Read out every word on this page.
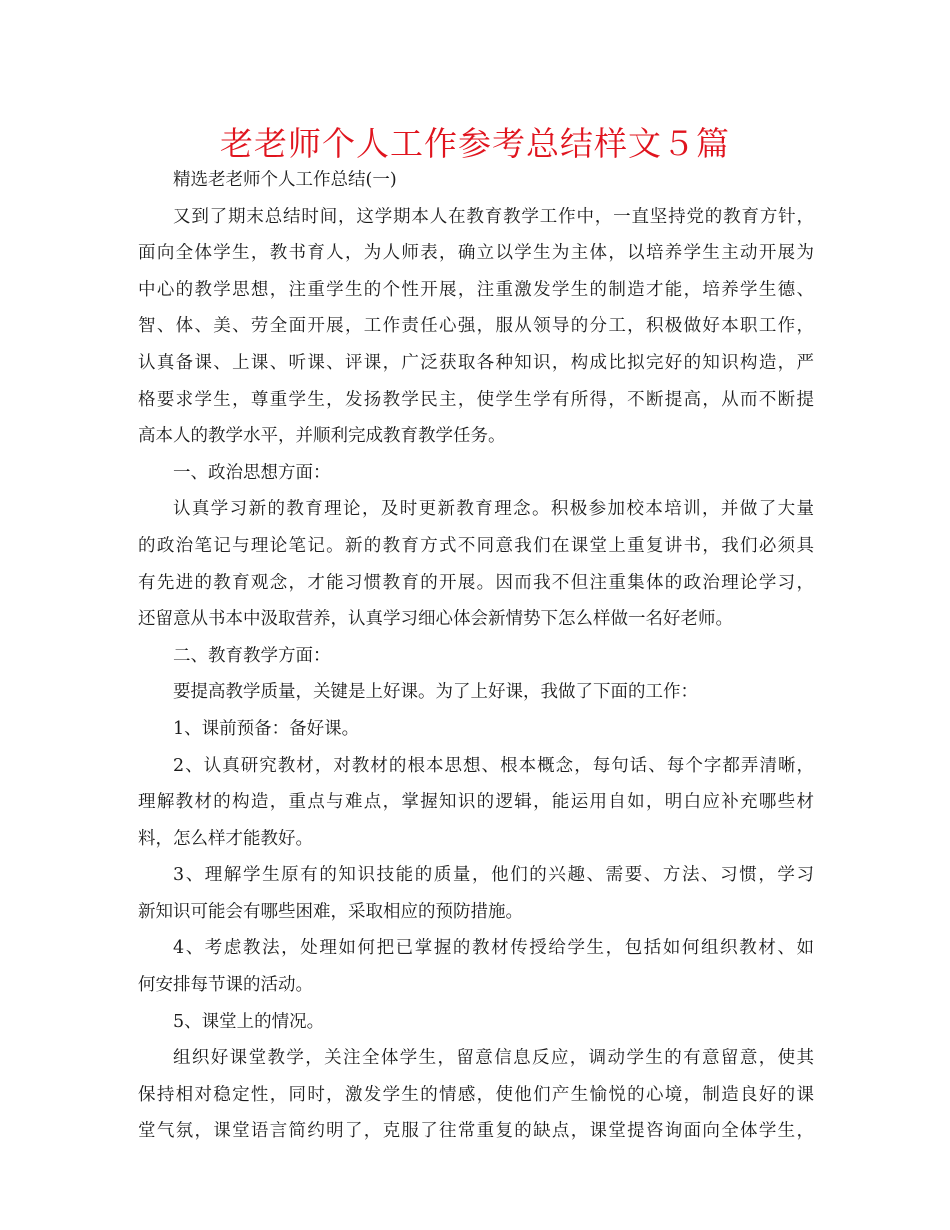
老老师个人工作参考总结样文５篇
精选老老师个人工作总结(一)
又到了期末总结时间，这学期本人在教育教学工作中，一直坚持党的教育方针，
面向全体学生，教书育人，为人师表，确立以学生为主体，以培养学生主动开展为
中心的教学思想，注重学生的个性开展，注重激发学生的制造才能，培养学生德、
智、体、美、劳全面开展，工作责任心强，服从领导的分工，积极做好本职工作，
认真备课、上课、听课、评课，广泛获取各种知识，构成比拟完好的知识构造，严
格要求学生，尊重学生，发扬教学民主，使学生学有所得，不断提高，从而不断提
高本人的教学水平，并顺利完成教育教学任务。
一、政治思想方面：
认真学习新的教育理论，及时更新教育理念。积极参加校本培训，并做了大量
的政治笔记与理论笔记。新的教育方式不同意我们在课堂上重复讲书，我们必须具
有先进的教育观念，才能习惯教育的开展。因而我不但注重集体的政治理论学习，
还留意从书本中汲取营养，认真学习细心体会新情势下怎么样做一名好老师。
二、教育教学方面：
要提高教学质量，关键是上好课。为了上好课，我做了下面的工作：
1、课前预备：备好课。
2、认真研究教材，对教材的根本思想、根本概念，每句话、每个字都弄清晰，
理解教材的构造，重点与难点，掌握知识的逻辑，能运用自如，明白应补充哪些材
料，怎么样才能教好。
3、理解学生原有的知识技能的质量，他们的兴趣、需要、方法、习惯，学习
新知识可能会有哪些困难，采取相应的预防措施。
4、考虑教法，处理如何把已掌握的教材传授给学生，包括如何组织教材、如
何安排每节课的活动。
5、课堂上的情况。
组织好课堂教学，关注全体学生，留意信息反应，调动学生的有意留意，使其
保持相对稳定性，同时，激发学生的情感，使他们产生愉悦的心境，制造良好的课
堂气氛，课堂语言简约明了，克服了往常重复的缺点，课堂提咨询面向全体学生，
